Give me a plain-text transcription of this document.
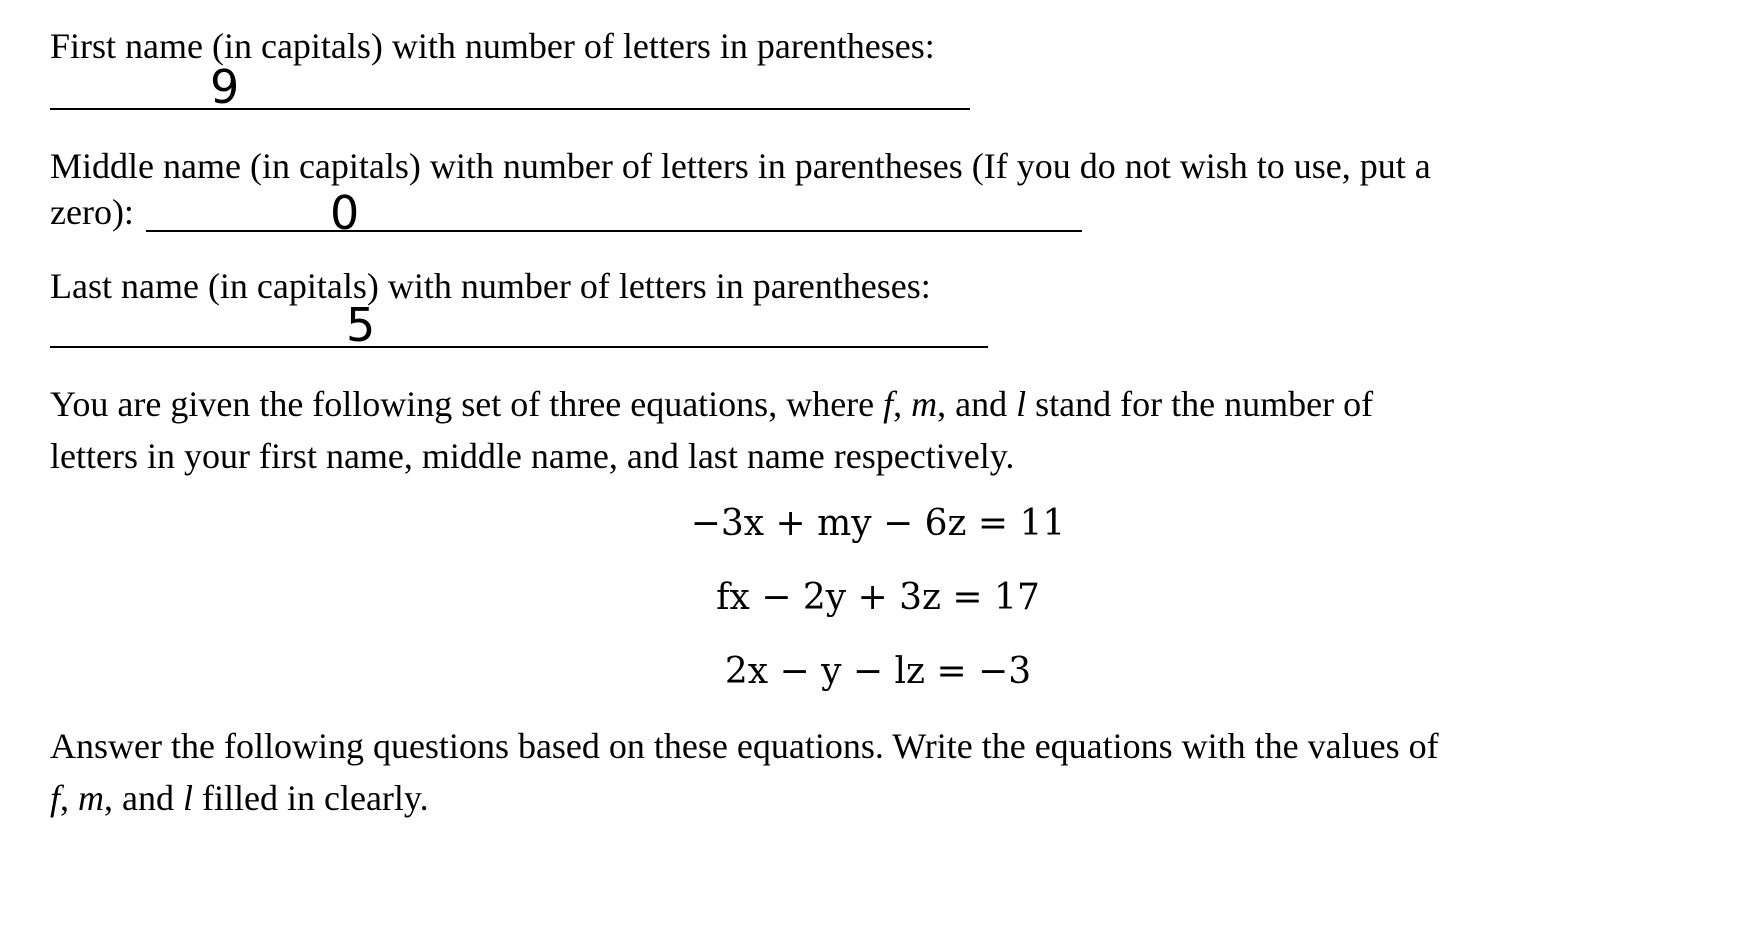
First name (in capitals) with number of letters in parentheses:
9
Middle name (in capitals) with number of letters in parentheses (If you do not wish to use, put a
zero):	0
Last name (in capitals) with number of letters in parentheses:
5
You are given the following set of three equations, where f, m, and l stand for the number of
letters in your first name, middle name, and last name respectively.
−3x + my − 6z = 11
fx − 2y + 3z = 17
2x − y − lz = −3
Answer the following questions based on these equations. Write the equations with the values of
f, m, and l filled in clearly.
